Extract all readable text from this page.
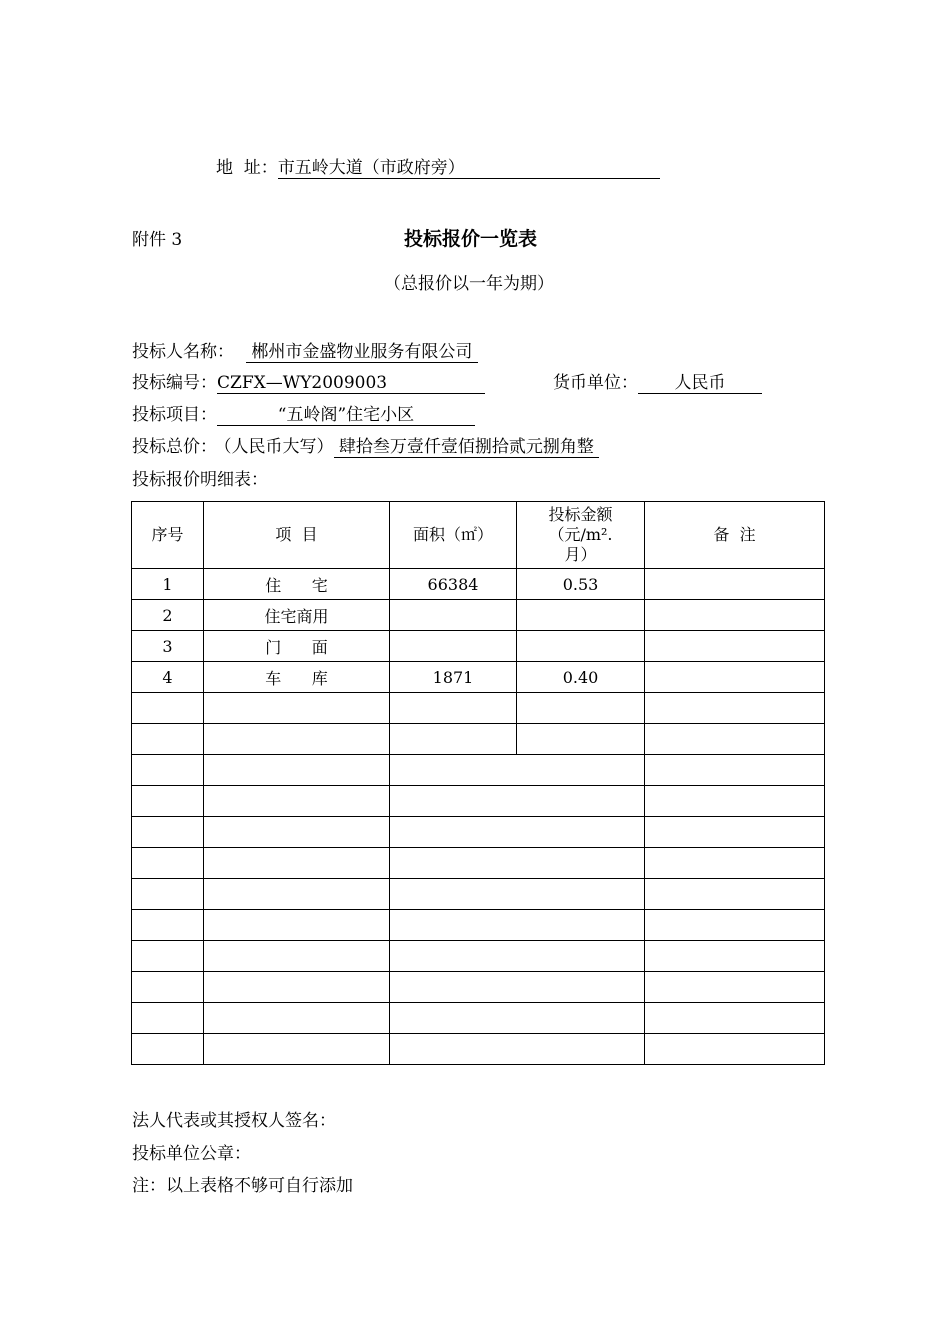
地  址：市五岭大道（市政府旁）
附件 3	投标报价一览表
（总报价以一年为期）
投标人名称： 郴州市金盛物业服务有限公司
投标编号：CZFX—WY2009003	货币单位： 人民币
投标项目：	“五岭阁”住宅小区
投标总价： （人民币大写） 肆拾叁万壹仟壹佰捌拾贰元捌角整
投标报价明细表：
序号	项  目	面积（㎡）	投标金额（元/m².月）	备  注
1	住      宅	66384	0.53	
2	住宅商用			
3	门      面			
4	车      库	1871	0.40	

法人代表或其授权人签名：
投标单位公章：
注：以上表格不够可自行添加
